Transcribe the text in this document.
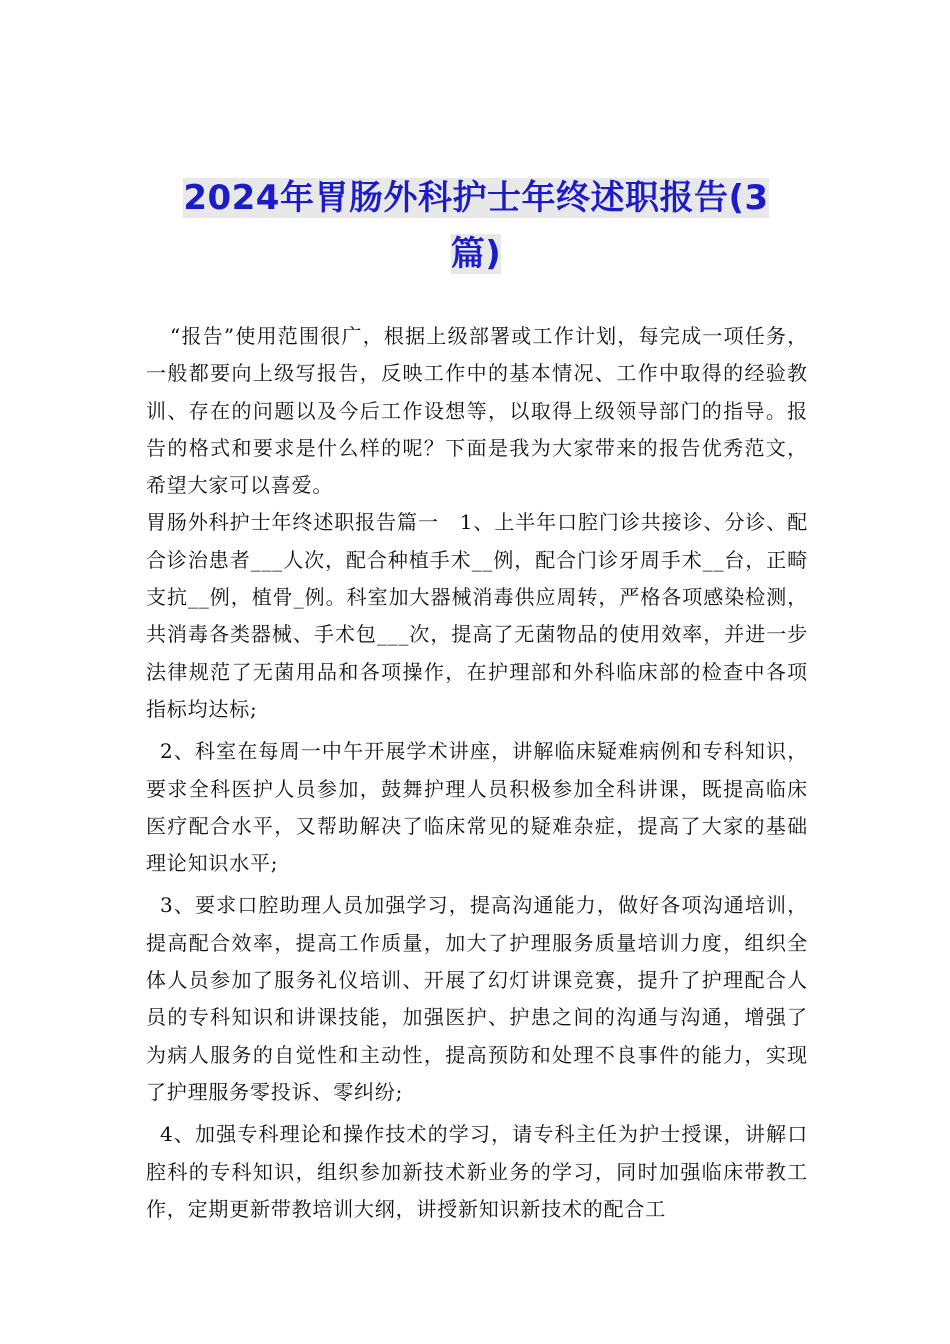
2024年胃肠外科护士年终述职报告(3篇)

“报告”使用范围很广，根据上级部署或工作计划，每完成一项任务，一般都要向上级写报告，反映工作中的基本情况、工作中取得的经验教训、存在的问题以及今后工作设想等，以取得上级领导部门的指导。报告的格式和要求是什么样的呢？下面是我为大家带来的报告优秀范文，希望大家可以喜爱。

胃肠外科护士年终述职报告篇一　1、上半年口腔门诊共接诊、分诊、配合诊治患者___人次，配合种植手术__例，配合门诊牙周手术__台，正畸支抗__例，植骨_例。科室加大器械消毒供应周转，严格各项感染检测，共消毒各类器械、手术包___次，提高了无菌物品的使用效率，并进一步法律规范了无菌用品和各项操作，在护理部和外科临床部的检查中各项指标均达标;

2、科室在每周一中午开展学术讲座，讲解临床疑难病例和专科知识，要求全科医护人员参加，鼓舞护理人员积极参加全科讲课，既提高临床医疗配合水平，又帮助解决了临床常见的疑难杂症，提高了大家的基础理论知识水平;

3、要求口腔助理人员加强学习，提高沟通能力，做好各项沟通培训，提高配合效率，提高工作质量，加大了护理服务质量培训力度，组织全体人员参加了服务礼仪培训、开展了幻灯讲课竞赛，提升了护理配合人员的专科知识和讲课技能，加强医护、护患之间的沟通与沟通，增强了为病人服务的自觉性和主动性，提高预防和处理不良事件的能力，实现了护理服务零投诉、零纠纷;

4、加强专科理论和操作技术的学习，请专科主任为护士授课，讲解口腔科的专科知识，组织参加新技术新业务的学习，同时加强临床带教工作，定期更新带教培训大纲，讲授新知识新技术的配合工
